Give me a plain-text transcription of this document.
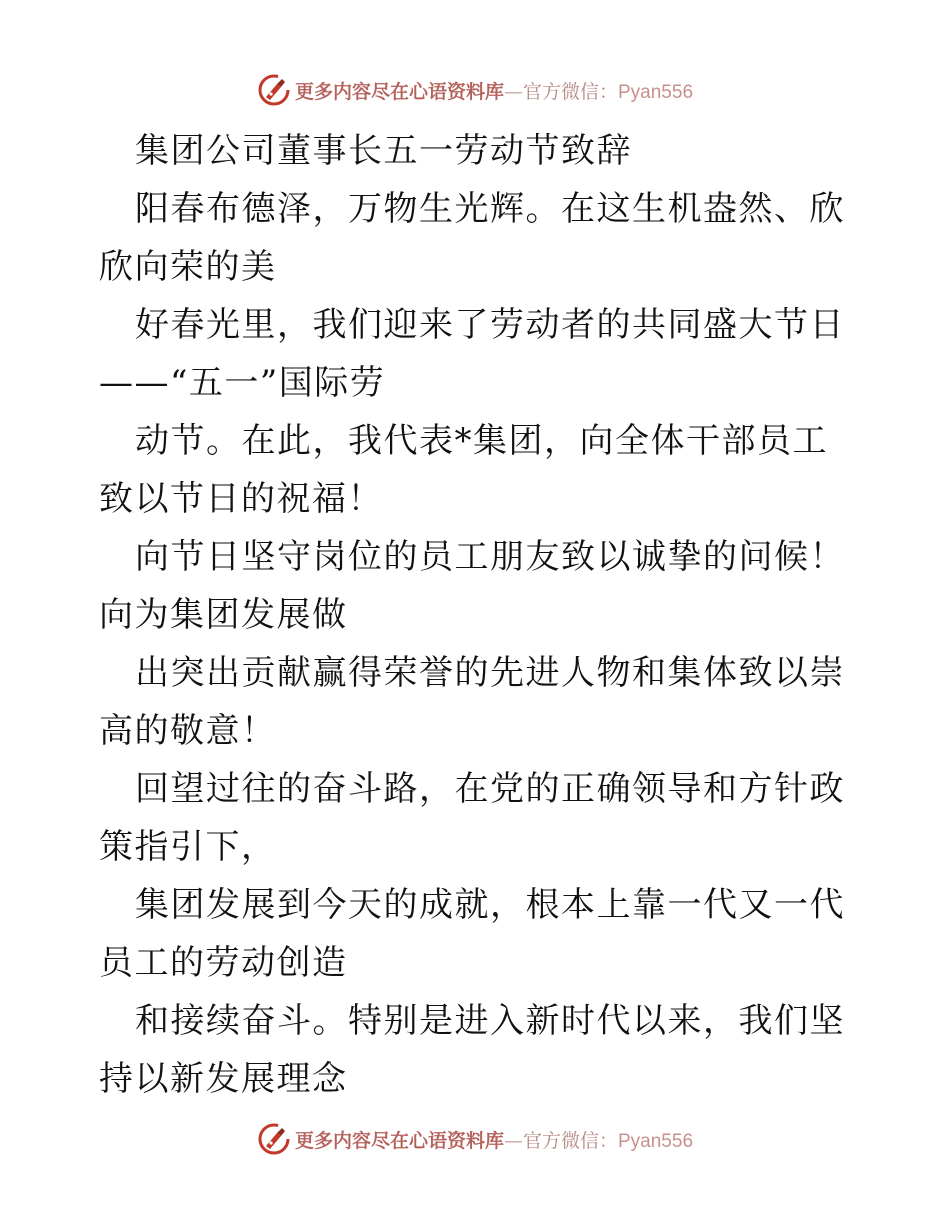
更多内容尽在心语资料库—官方微信：Pyan556

集团公司董事长五一劳动节致辞

阳春布德泽，万物生光辉。在这生机盎然、欣欣向荣的美

好春光里，我们迎来了劳动者的共同盛大节日——“五一”国际劳

动节。在此，我代表*集团，向全体干部员工致以节日的祝福！

向节日坚守岗位的员工朋友致以诚挚的问候！向为集团发展做

出突出贡献赢得荣誉的先进人物和集体致以崇高的敬意！

回望过往的奋斗路，在党的正确领导和方针政策指引下，

集团发展到今天的成就，根本上靠一代又一代员工的劳动创造

和接续奋斗。特别是进入新时代以来，我们坚持以新发展理念

更多内容尽在心语资料库—官方微信：Pyan556
